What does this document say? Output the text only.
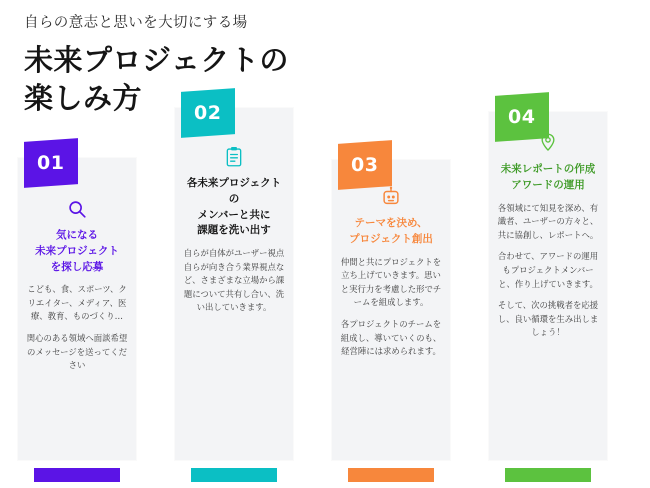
自らの意志と思いを大切にする場
未来プロジェクトの
楽しみ方
気になる
未来プロジェクト
を探し応募

こども、食、スポーツ、クリエイター、メディア、医療、教育、ものづくり…

関心のある領域へ面談希望のメッセージを送ってください

01
各未来プロジェクトの
メンバーと共に
課題を洗い出す

自らが自体がユーザー視点 自らが向き合う業界視点など、さまざまな立場から課題について共有し合い、洗い出していきます。

02
テーマを決め、
プロジェクト創出

仲間と共にプロジェクトを立ち上げていきます。思いと実行力を考慮した形でチームを組成します。

各プロジェクトのチームを組成し、導いていくのも、経営陣には求められます。

03	未来レポートの作成
アワードの運用

各領域にて知見を深め、有識者、ユーザーの方々と、共に協創し、レポートへ。

合わせて、アワードの運用もプロジェクトメンバーと、作り上げていきます。

そして、次の挑戦者を応援し、良い循環を生み出しましょう！

04
